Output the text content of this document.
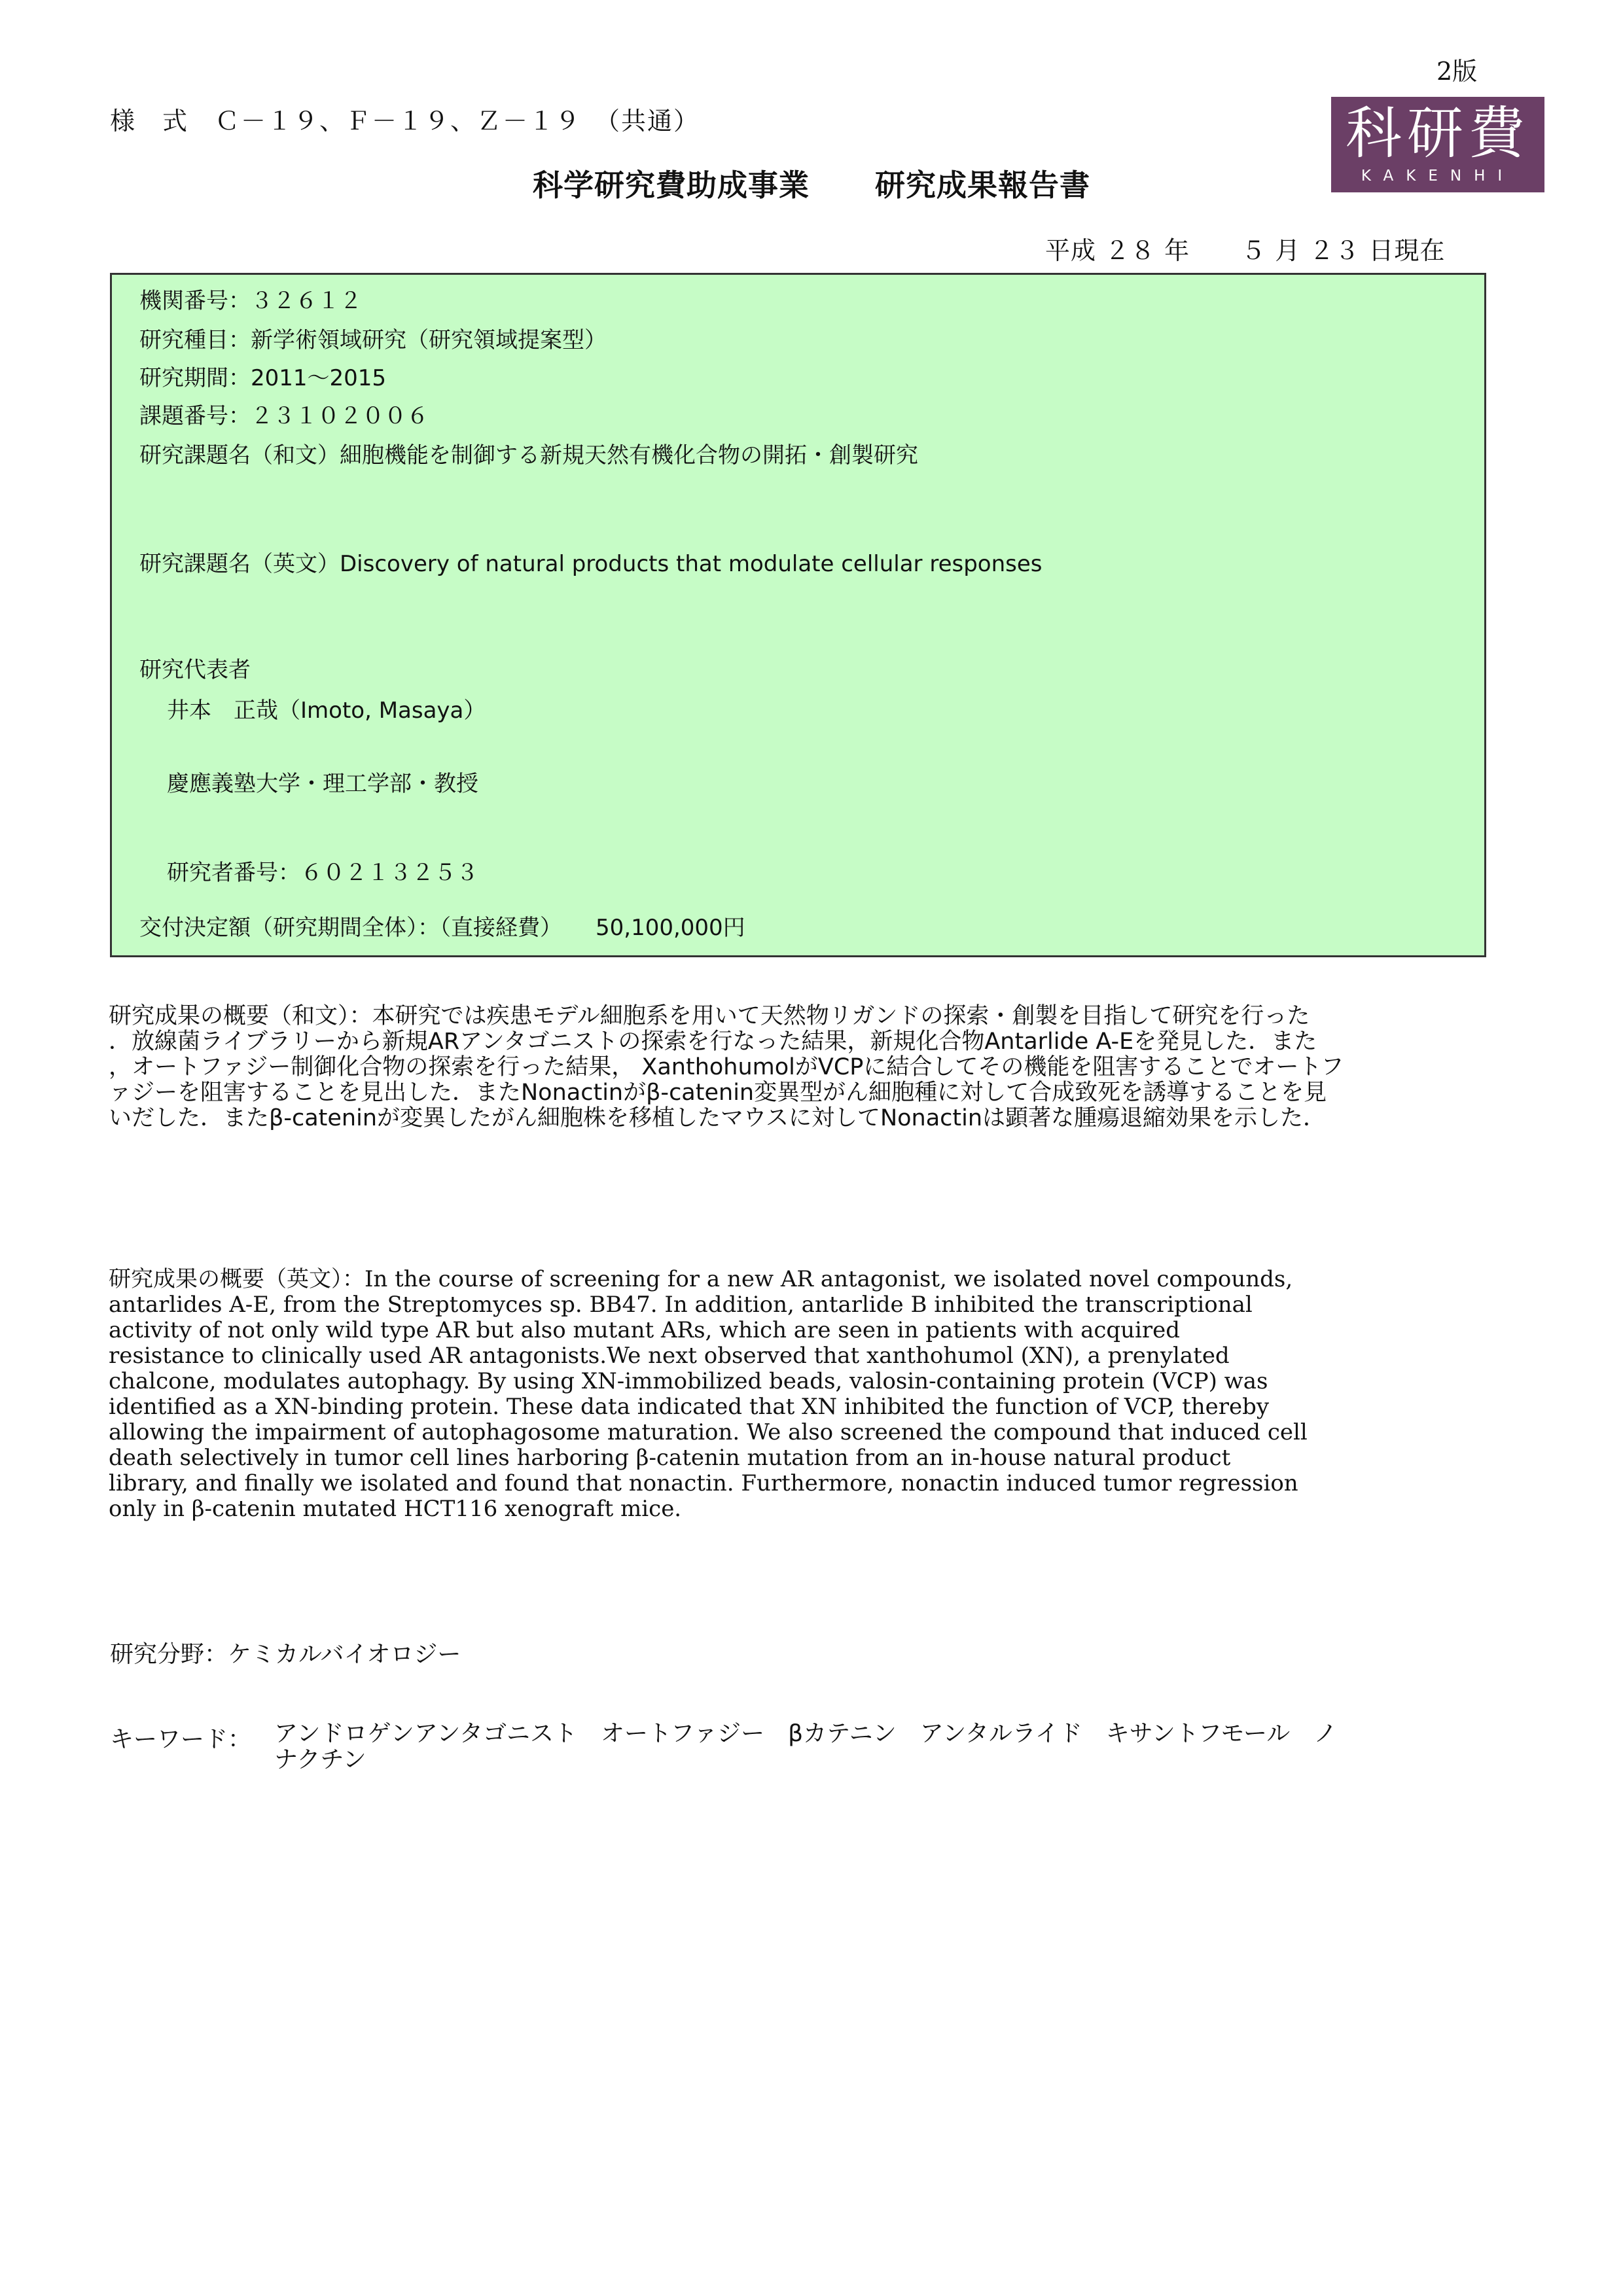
2版
様　式　Ｃ－１９、Ｆ－１９、Ｚ－１９　（共通）
科学研究費助成事業 研究成果報告書
科研費
KAKENHI
平成 ２８ 年　　５ 月 ２３ 日現在
機関番号：３２６１２
研究種目：新学術領域研究（研究領域提案型）
研究期間：2011～2015
課題番号：２３１０２００６
研究課題名（和文）細胞機能を制御する新規天然有機化合物の開拓・創製研究
研究課題名（英文）Discovery of natural products that modulate cellular responses
研究代表者
井本　正哉（Imoto, Masaya）
慶應義塾大学・理工学部・教授
研究者番号：６０２１３２５３
交付決定額（研究期間全体）：（直接経費）　　50,100,000円

研究成果の概要（和文）：本研究では疾患モデル細胞系を用いて天然物リガンドの探索・創製を目指して研究を行った

．放線菌ライブラリーから新規ARアンタゴニストの探索を行なった結果，新規化合物Antarlide A-Eを発見した．また

，オートファジー制御化合物の探索を行った結果， XanthohumolがVCPに結合してその機能を阻害することでオートフ

ァジーを阻害することを見出した．またNonactinがβ-catenin変異型がん細胞種に対して合成致死を誘導することを見

いだした．またβ-cateninが変異したがん細胞株を移植したマウスに対してNonactinは顕著な腫瘍退縮効果を示した．

研究成果の概要（英文）：In the course of screening for a new AR antagonist, we isolated novel compounds,

antarlides A-E, from the Streptomyces sp. BB47. In addition, antarlide B inhibited the transcriptional

activity of not only wild type AR but also mutant ARs, which are seen in patients with acquired

resistance to clinically used AR antagonists.We next observed that xanthohumol (XN), a prenylated

chalcone, modulates autophagy. By using XN-immobilized beads, valosin-containing protein (VCP) was

identified as a XN-binding protein. These data indicated that XN inhibited the function of VCP, thereby

allowing the impairment of autophagosome maturation. We also screened the compound that induced cell

death selectively in tumor cell lines harboring β-catenin mutation from an in-house natural product

library, and finally we isolated and found that nonactin. Furthermore, nonactin induced tumor regression

only in β-catenin mutated HCT116 xenograft mice.

研究分野：ケミカルバイオロジー
キーワード： アンドロゲンアンタゴニスト　オートファジー　βカテニン　アンタルライド　キサントフモール　ノ

ナクチン
